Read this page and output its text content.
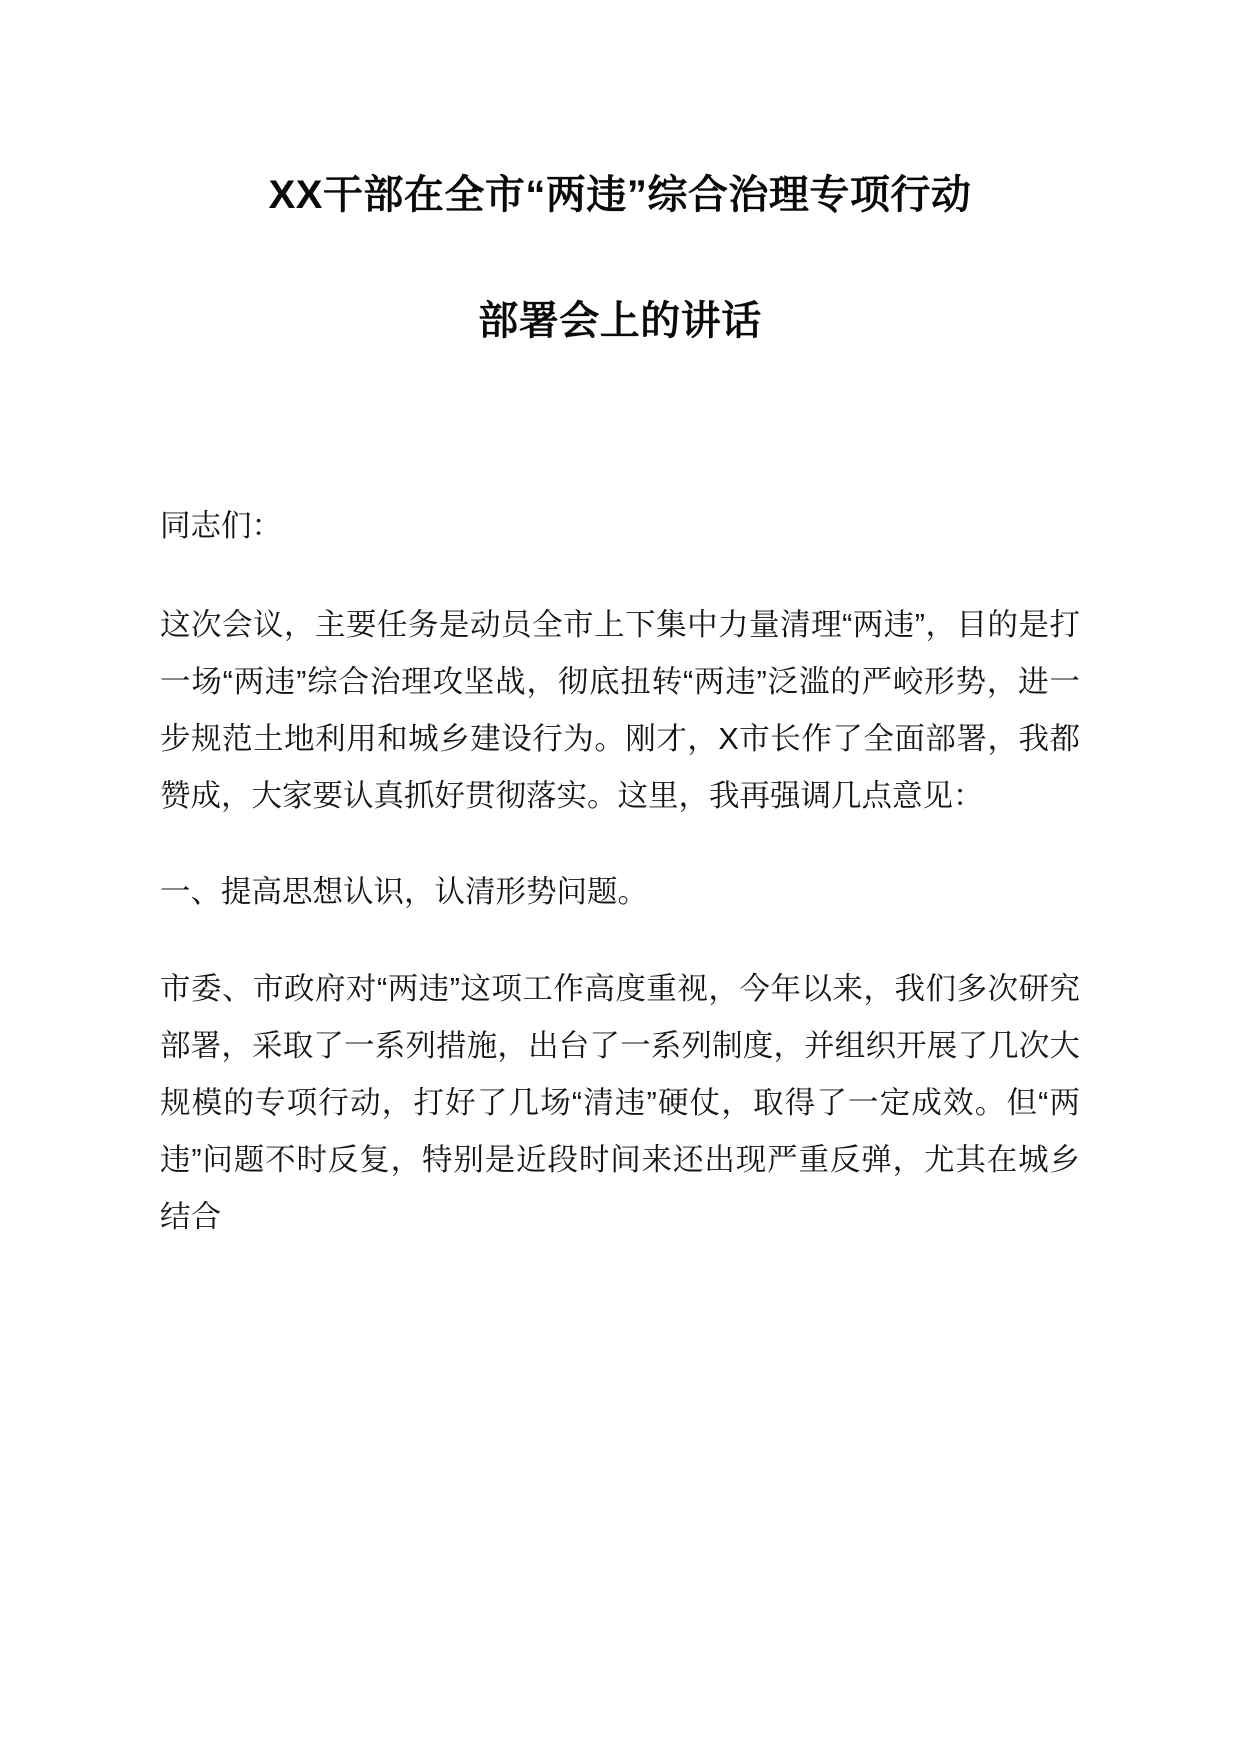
XX干部在全市“两违”综合治理专项行动
部署会上的讲话

同志们：

这次会议，主要任务是动员全市上下集中力量清理“两违”，目的是打一场“两违”综合治理攻坚战，彻底扭转“两违”泛滥的严峧形势，进一步规范土地利用和城乡建设行为。刚才，X市长作了全面部署，我都赞成，大家要认真抓好贯彻落实。这里，我再强调几点意见：

一、提高思想认识，认清形势问题。

市委、市政府对“两违”这项工作高度重视，今年以来，我们多次研究部署，采取了一系列措施，出台了一系列制度，并组织开展了几次大规模的专项行动，打好了几场“清违”硬仗，取得了一定成效。但“两违”问题不时反复，特别是近段时间来还出现严重反弹，尤其在城乡结合
